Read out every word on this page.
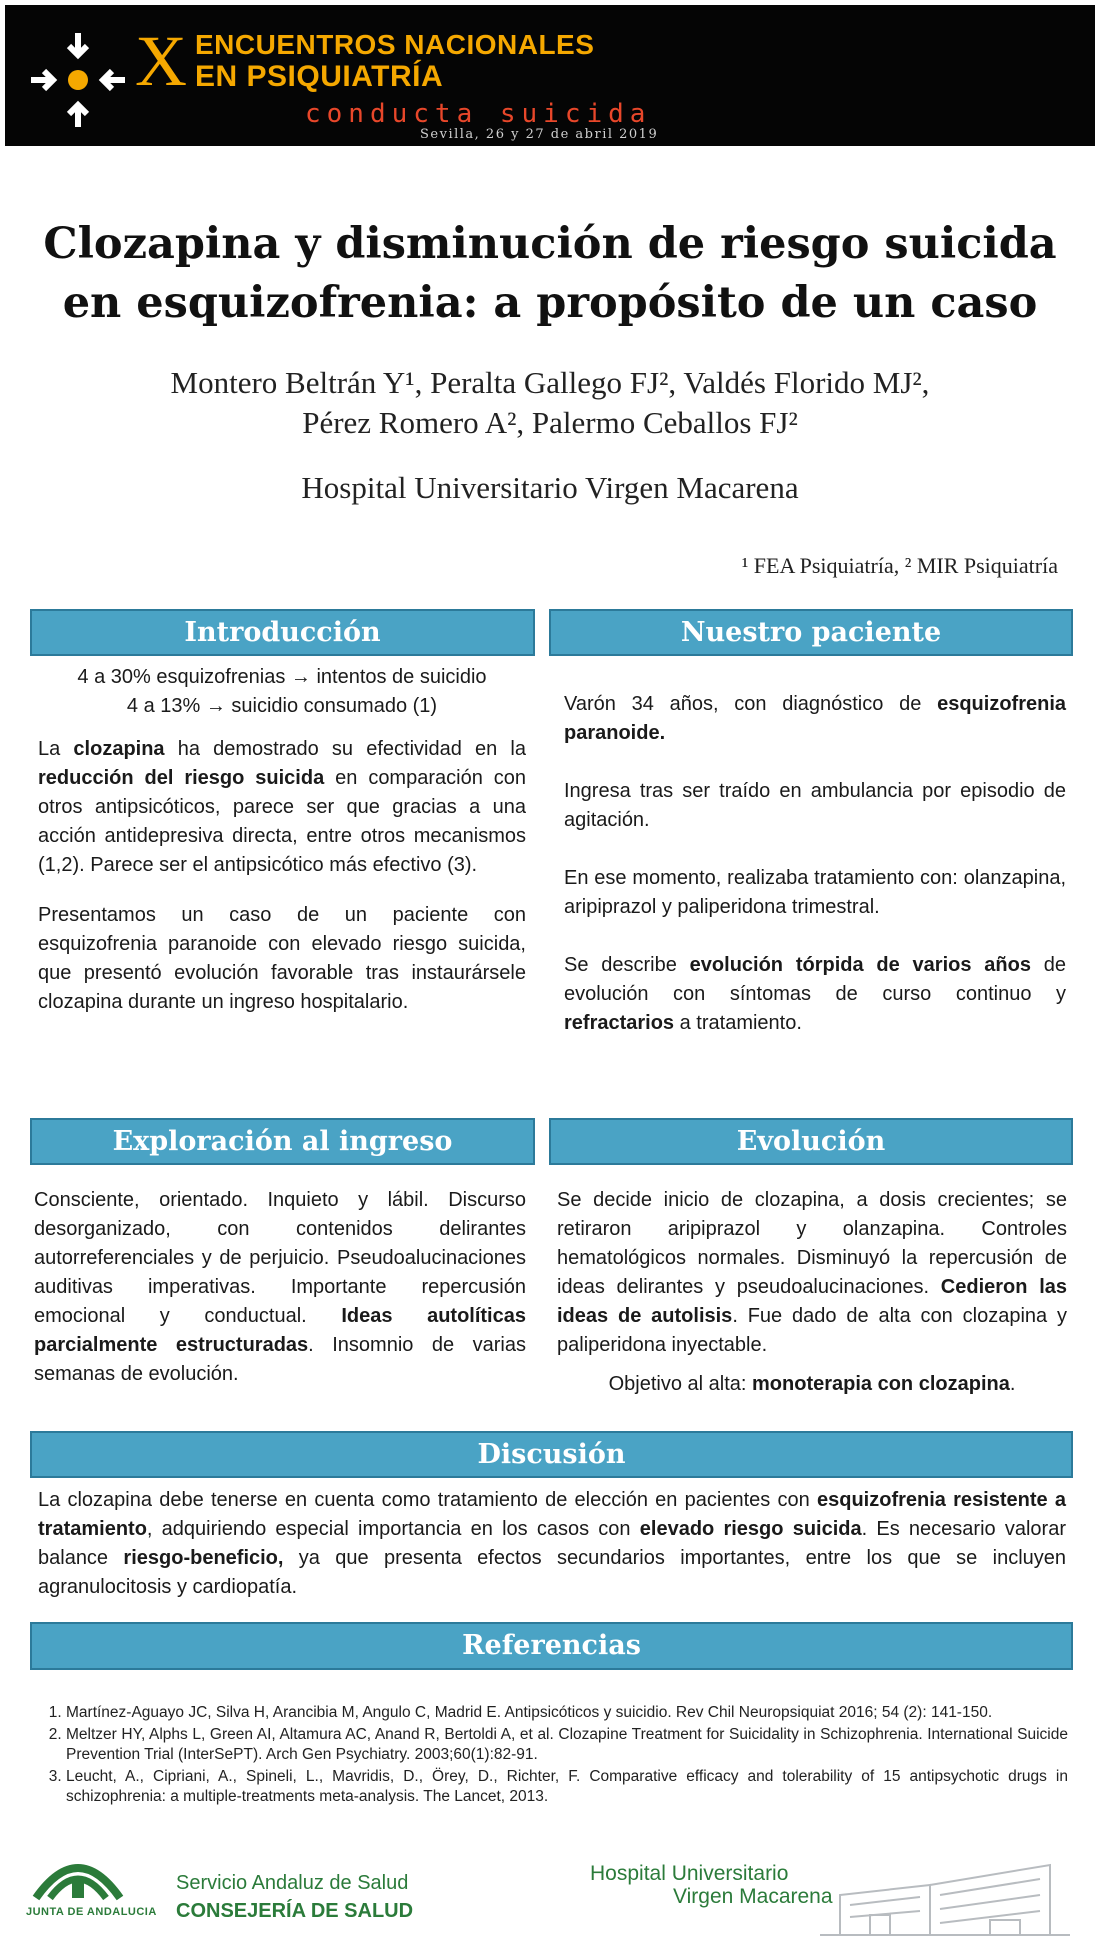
X ENCUENTROS NACIONALES
EN PSIQUIATRÍA
conducta suicida
Sevilla, 26 y 27 de abril 2019
Clozapina y disminución de riesgo suicida en esquizofrenia: a propósito de un caso
Montero Beltrán Y¹, Peralta Gallego FJ², Valdés Florido MJ²,
Pérez Romero A², Palermo Ceballos FJ²
Hospital Universitario Virgen Macarena
¹ FEA Psiquiatría, ² MIR Psiquiatría
Introducción

4 a 30% esquizofrenias → intentos de suicidio

4 a 13% → suicidio consumado (1)

La clozapina ha demostrado su efectividad en la reducción del riesgo suicida en comparación con otros antipsicóticos, parece ser que gracias a una acción antidepresiva directa, entre otros mecanismos (1,2). Parece ser el antipsicótico más efectivo (3).

Presentamos un caso de un paciente con esquizofrenia paranoide con elevado riesgo suicida, que presentó evolución favorable tras instaurársele clozapina durante un ingreso hospitalario.

Nuestro paciente

Varón 34 años, con diagnóstico de esquizofrenia paranoide.

Ingresa tras ser traído en ambulancia por episodio de agitación.

En ese momento, realizaba tratamiento con: olanzapina, aripiprazol y paliperidona trimestral.

Se describe evolución tórpida de varios años de evolución con síntomas de curso continuo y refractarios a tratamiento.

Exploración al ingreso

Consciente, orientado. Inquieto y lábil. Discurso desorganizado, con contenidos delirantes autorreferenciales y de perjuicio. Pseudoalucinaciones auditivas imperativas. Importante repercusión emocional y conductual. Ideas autolíticas parcialmente estructuradas. Insomnio de varias semanas de evolución.

Evolución

Se decide inicio de clozapina, a dosis crecientes; se retiraron aripiprazol y olanzapina. Controles hematológicos normales. Disminuyó la repercusión de ideas delirantes y pseudoalucinaciones. Cedieron las ideas de autolisis. Fue dado de alta con clozapina y paliperidona inyectable.

Objetivo al alta: monoterapia con clozapina.

Discusión

La clozapina debe tenerse en cuenta como tratamiento de elección en pacientes con esquizofrenia resistente a tratamiento, adquiriendo especial importancia en los casos con elevado riesgo suicida. Es necesario valorar balance riesgo-beneficio, ya que presenta efectos secundarios importantes, entre los que se incluyen agranulocitosis y cardiopatía.

Referencias
1. Martínez-Aguayo JC, Silva H, Arancibia M, Angulo C, Madrid E. Antipsicóticos y suicidio. Rev Chil Neuropsiquiat 2016; 54 (2): 141-150.
2. Meltzer HY, Alphs L, Green AI, Altamura AC, Anand R, Bertoldi A, et al. Clozapine Treatment for Suicidality in Schizophrenia. International Suicide Prevention Trial (InterSePT). Arch Gen Psychiatry. 2003;60(1):82-91.
3. Leucht, A., Cipriani, A., Spineli, L., Mavridis, D., Örey, D., Richter, F. Comparative efficacy and tolerability of 15 antipsychotic drugs in schizophrenia: a multiple-treatments meta-analysis. The Lancet, 2013.
JUNTA DE ANDALUCIA
Servicio Andaluz de Salud
CONSEJERÍA DE SALUD
Hospital Universitario
Virgen Macarena
